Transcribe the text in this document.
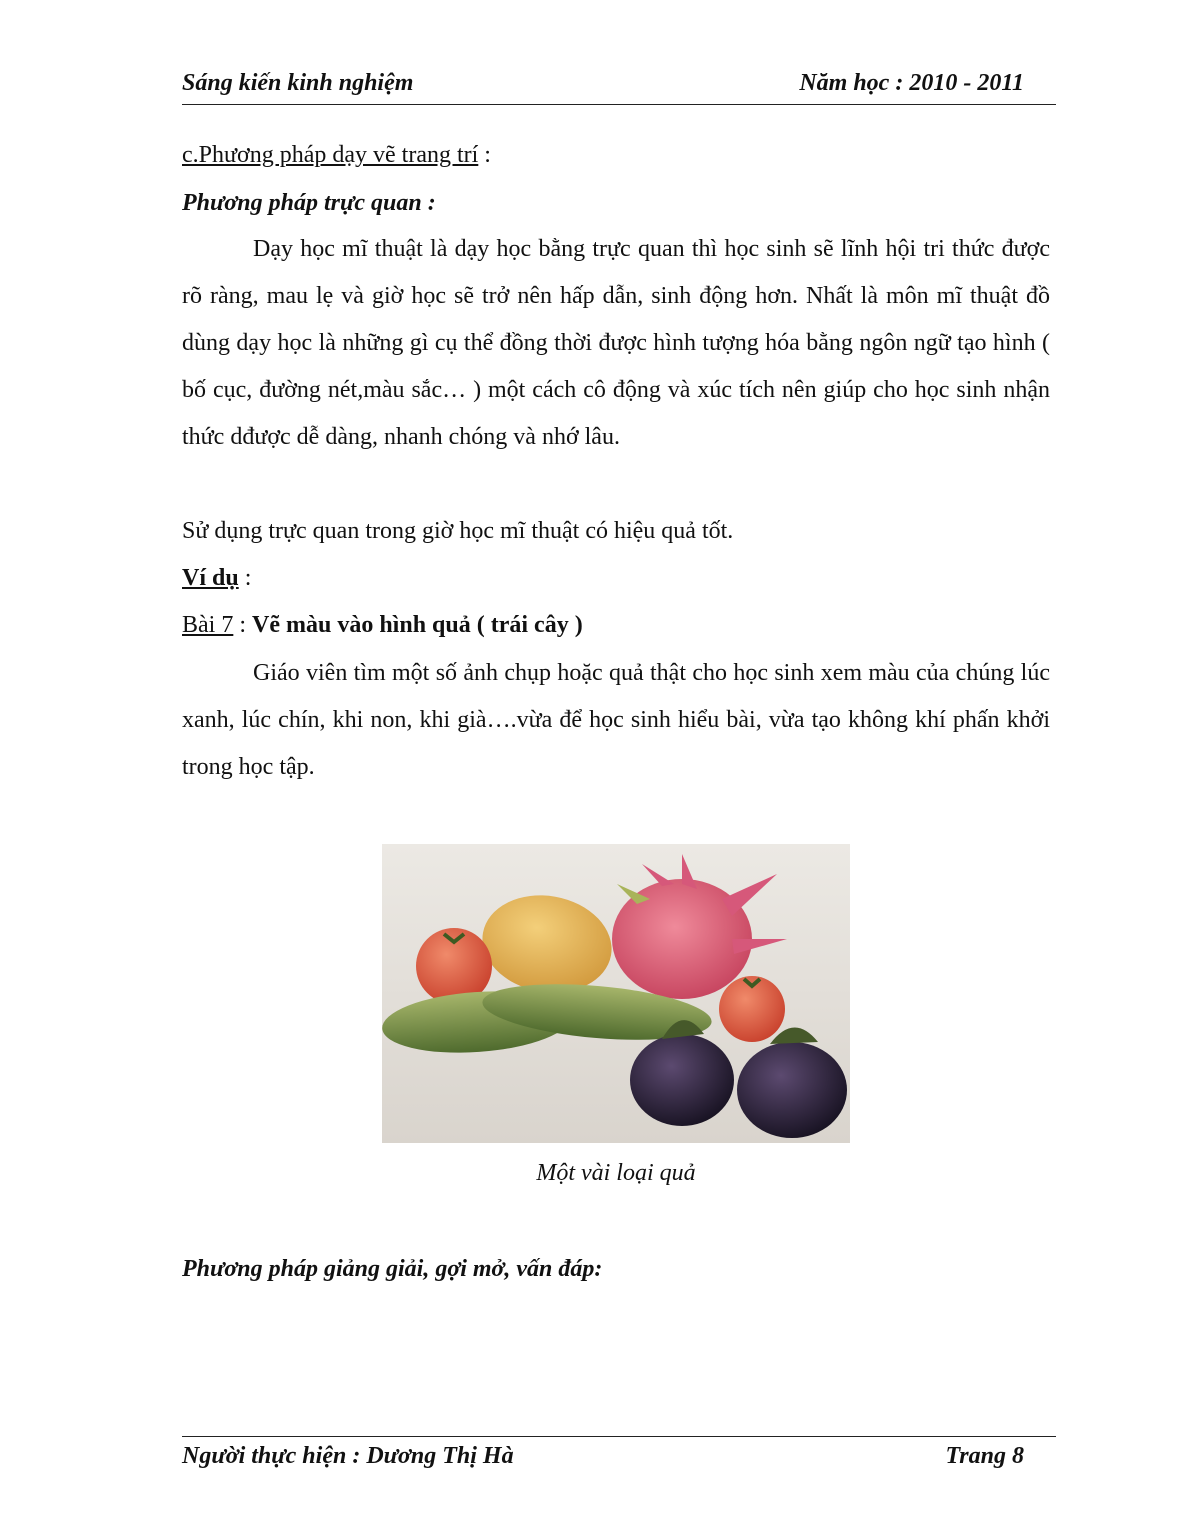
Sáng kiến kinh nghiệm	Năm học : 2010 - 2011
c.Phương pháp dạy vẽ trang trí :
Phương pháp trực quan :
Dạy học mĩ thuật là dạy học bằng trực quan thì học sinh sẽ lĩnh hội tri thức được rõ ràng, mau lẹ và giờ học sẽ trở nên hấp dẫn, sinh động hơn. Nhất là môn mĩ thuật đồ dùng dạy học là những gì cụ thể đồng thời được hình tượng hóa bằng ngôn ngữ tạo hình ( bố cục, đường nét,màu sắc… ) một cách cô động và xúc tích nên giúp cho học sinh nhận thức dđược dễ dàng, nhanh chóng và nhớ lâu.
Sử dụng trực quan trong giờ học mĩ thuật có hiệu quả tốt.
Ví dụ :
Bài 7 : Vẽ màu vào hình quả ( trái cây )
Giáo viên tìm một số ảnh chụp hoặc quả thật cho học sinh xem màu của chúng lúc xanh, lúc chín, khi non, khi già….vừa để học sinh hiểu bài, vừa tạo không khí phấn khởi trong học tập.
Một vài loại quả
Phương pháp giảng giải, gợi mở, vấn đáp:
Người thực hiện : Dương Thị Hà	Trang 8
